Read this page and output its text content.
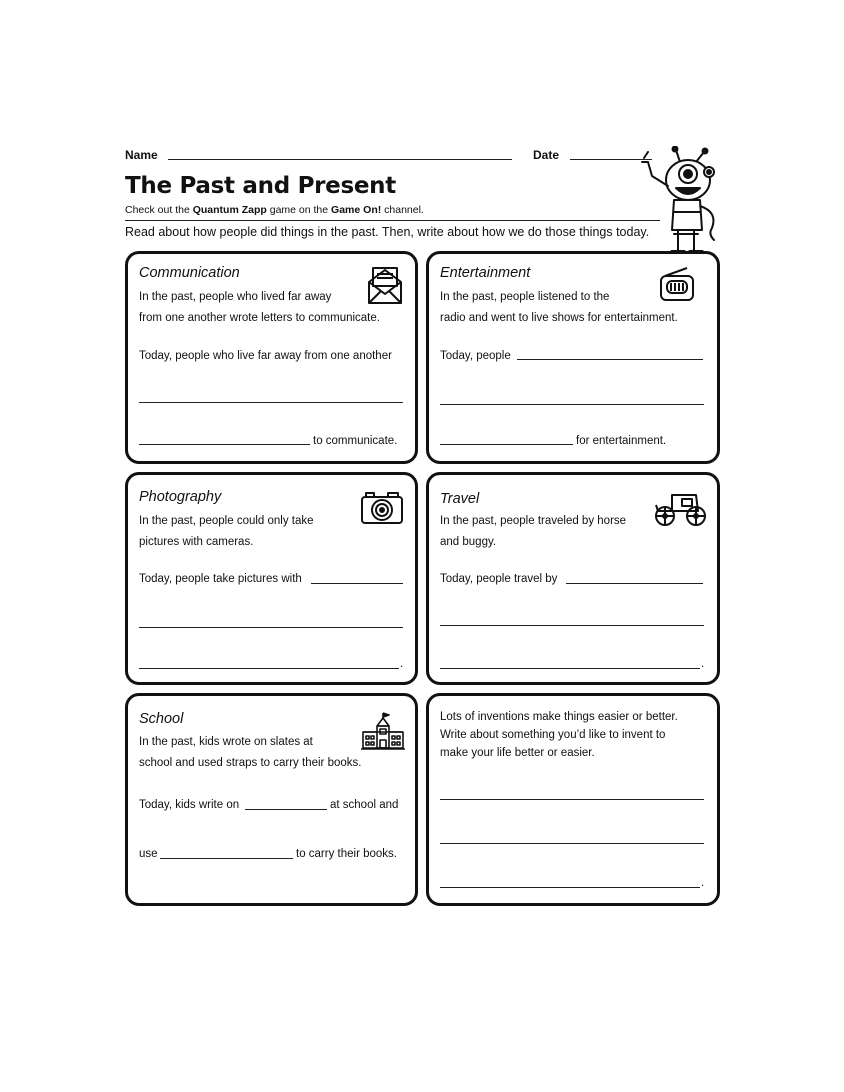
Name	Date
The Past and Present
Check out the Quantum Zapp game on the Game On! channel.
Read about how people did things in the past. Then, write about how we do those things today.
Communication
In the past, people who lived far away
from one another wrote letters to communicate.
Today, people who live far away from one another
to communicate.
Entertainment
In the past, people listened to the
radio and went to live shows for entertainment.
Today, people
for entertainment.
Photography
In the past, people could only take
pictures with cameras.
Today, people take pictures with
.
Travel
In the past, people traveled by horse
and buggy.
Today, people travel by
.
School
In the past, kids wrote on slates at
school and used straps to carry their books.
Today, kids write on	at school and
use	to carry their books.
Lots of inventions make things easier or better.
Write about something you’d like to invent to
make your life better or easier.
.
